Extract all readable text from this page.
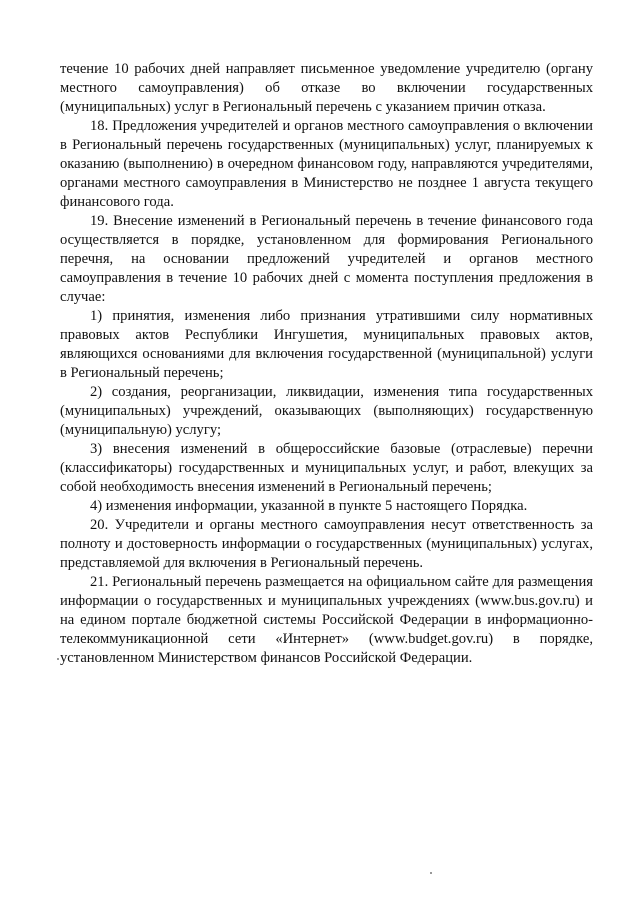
течение 10 рабочих дней направляет письменное уведомление учредителю (органу местного самоуправления) об отказе во включении государственных (муниципальных) услуг в Региональный перечень с указанием причин отказа.

18. Предложения учредителей и органов местного самоуправления о включении в Региональный перечень государственных (муниципальных) услуг, планируемых к оказанию (выполнению) в очередном финансовом году, направляются учредителями, органами местного самоуправления в Министерство не позднее 1 августа текущего финансового года.

19. Внесение изменений в Региональный перечень в течение финансового года осуществляется в порядке, установленном для формирования Регионального перечня, на основании предложений учредителей и органов местного самоуправления в течение 10 рабочих дней с момента поступления предложения в случае:

1) принятия, изменения либо признания утратившими силу нормативных правовых актов Республики Ингушетия, муниципальных правовых актов, являющихся основаниями для включения государственной (муниципальной) услуги в Региональный перечень;

2) создания, реорганизации, ликвидации, изменения типа государственных (муниципальных) учреждений, оказывающих (выполняющих) государственную (муниципальную) услугу;

3) внесения изменений в общероссийские базовые (отраслевые) перечни (классификаторы) государственных и муниципальных услуг, и работ, влекущих за собой необходимость внесения изменений в Региональный перечень;

4) изменения информации, указанной в пункте 5 настоящего Порядка.

20. Учредители и органы местного самоуправления несут ответственность за полноту и достоверность информации о государственных (муниципальных) услугах, представляемой для включения в Региональный перечень.

21. Региональный перечень размещается на официальном сайте для размещения информации о государственных и муниципальных учреждениях (www.bus.gov.ru) и на едином портале бюджетной системы Российской Федерации в информационно-телекоммуникационной сети «Интернет» (www.budget.gov.ru) в порядке, установленном Министерством финансов Российской Федерации.
